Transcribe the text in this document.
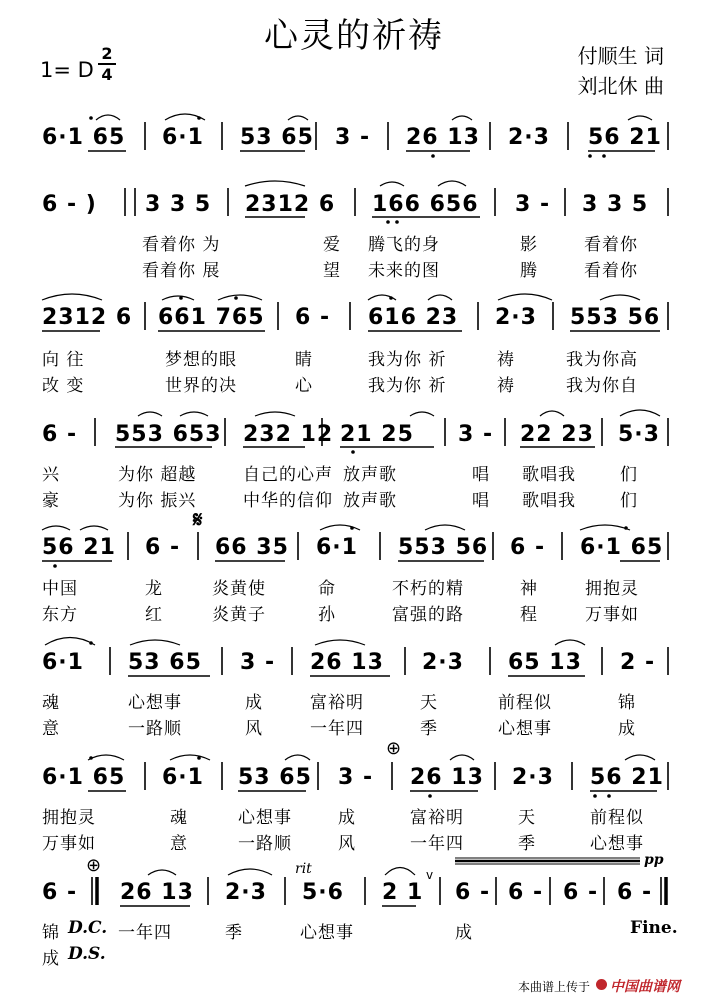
心灵的祈祷
1= D
2
4
付顺生 词
刘北休 曲
6·1 65 6·1 53 65 3 - 26 13 2·3 56 21
6 - ) 3 3 5 2312 6 166 656 3 - 3 3 5
看着你 为	爱 腾飞的身	影	看着你
看着你 展	望 未来的图	腾	看着你
2312 6 661 765 6 - 616 23 2·3 553 56
向 往	梦想的眼	睛	我为你 祈	祷	我为你高
改 变	世界的决	心	我为你 祈	祷	我为你自
6 - 553 653 232 12 21 25 3 - 22 23 5·3
兴	为你 超越	自己的心声 放声歌	唱 歌唱我	们
豪	为你 振兴	中华的信仰 放声歌	唱 歌唱我	们
56 21 6 - 66 35 6·1 553 56 6 - 6·1 65
中国	龙	炎黄使	命	不朽的精	神	拥抱灵
东方	红	炎黄子	孙	富强的路	程	万事如
6·1 53 65 3 - 26 13 2·3 65 13 2 -
魂	心想事	成	富裕明	天	前程似	锦
意	一路顺	风	一年四	季	心想事	成
6·1 65 6·1 53 65 3 - 26 13 2·3 56 21
拥抱灵	魂	心想事	成	富裕明	天	前程似
万事如	意	一路顺	风	一年四	季	心想事
6 - 26 13 2·3 5·6 2 1 6 - 6 - 6 - 6 -
锦 D.C. 一年四	季	心想事	成	Fine.
成 D.S.
rit
pp
v
𝄋
⊕
⊕
本曲谱上传于 中国曲谱网
